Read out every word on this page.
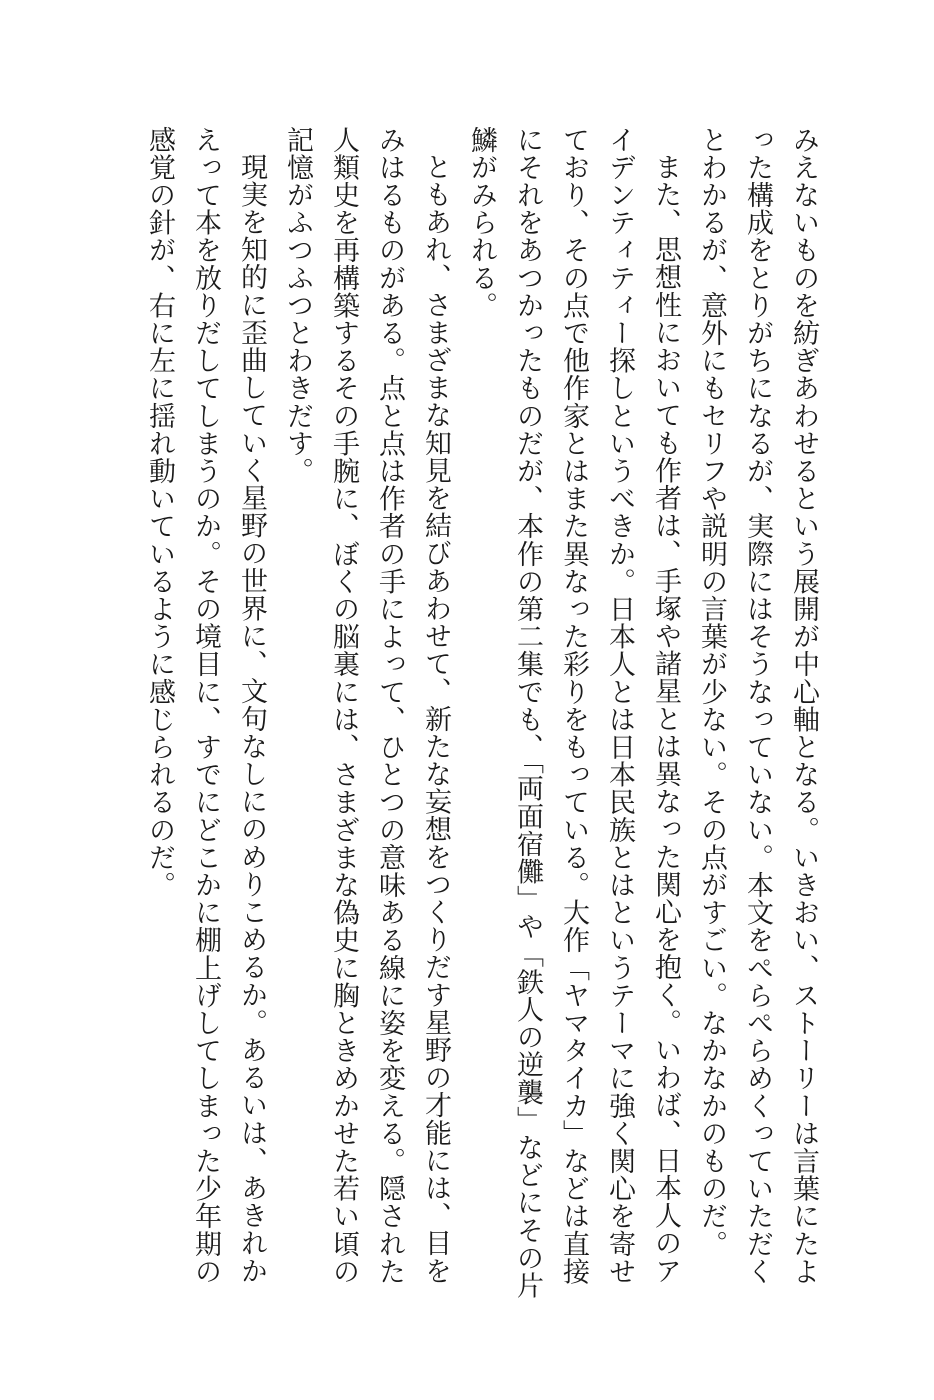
みえないものを紡ぎあわせるという展開が中心軸となる。いきおい、ストーリーは言葉にたよった構成をとりがちになるが、実際にはそうなっていない。本文をぺらぺらめくっていただくとわかるが、意外にもセリフや説明の言葉が少ない。その点がすごい。なかなかのものだ。

また、思想性においても作者は、手塚や諸星とは異なった関心を抱く。いわば、日本人のアイデンティティー探しというべきか。日本人とは日本民族とはというテーマに強く関心を寄せており、その点で他作家とはまた異なった彩りをもっている。大作「ヤマタイカ」などは直接にそれをあつかったものだが、本作の第二集でも、「両面宿儺」や「鉄人の逆襲」などにその片鱗がみられる。

ともあれ、さまざまな知見を結びあわせて、新たな妄想をつくりだす星野の才能には、目をみはるものがある。点と点は作者の手によって、ひとつの意味ある線に姿を変える。隠された人類史を再構築するその手腕に、ぼくの脳裏には、さまざまな偽史に胸ときめかせた若い頃の記憶がふつふつとわきだす。

現実を知的に歪曲していく星野の世界に、文句なしにのめりこめるか。あるいは、あきれかえって本を放りだしてしまうのか。その境目に、すでにどこかに棚上げしてしまった少年期の感覚の針が、右に左に揺れ動いているように感じられるのだ。
